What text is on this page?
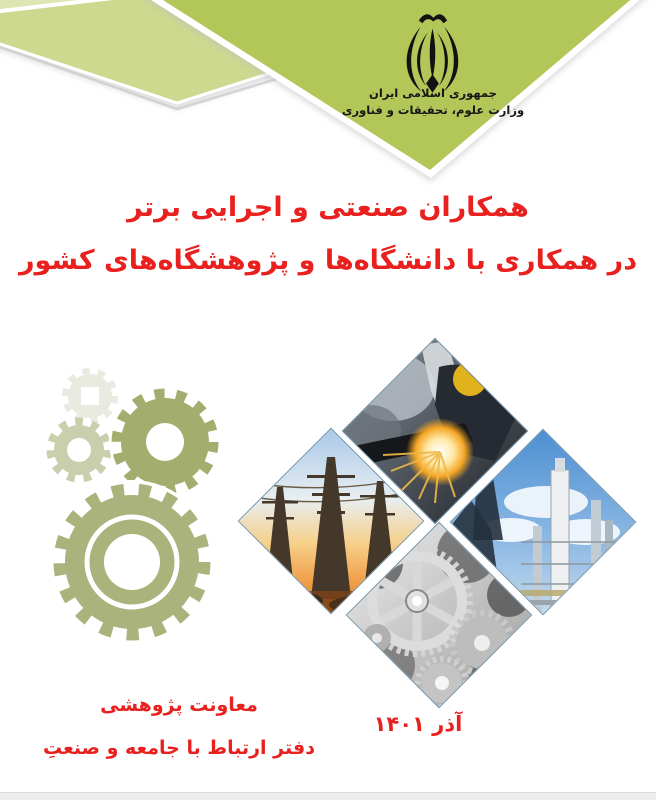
جمهوری اسلامی ایران
وزارت علوم، تحقیقات و فناوری
همکاران صنعتی و اجرایی برتر
در همکاری با دانشگاه‌ها و پژوهشگاه‌های کشور
معاونت پژوهشی
دفتر ارتباط با جامعه و صنعتِ
آذر ۱۴۰۱
